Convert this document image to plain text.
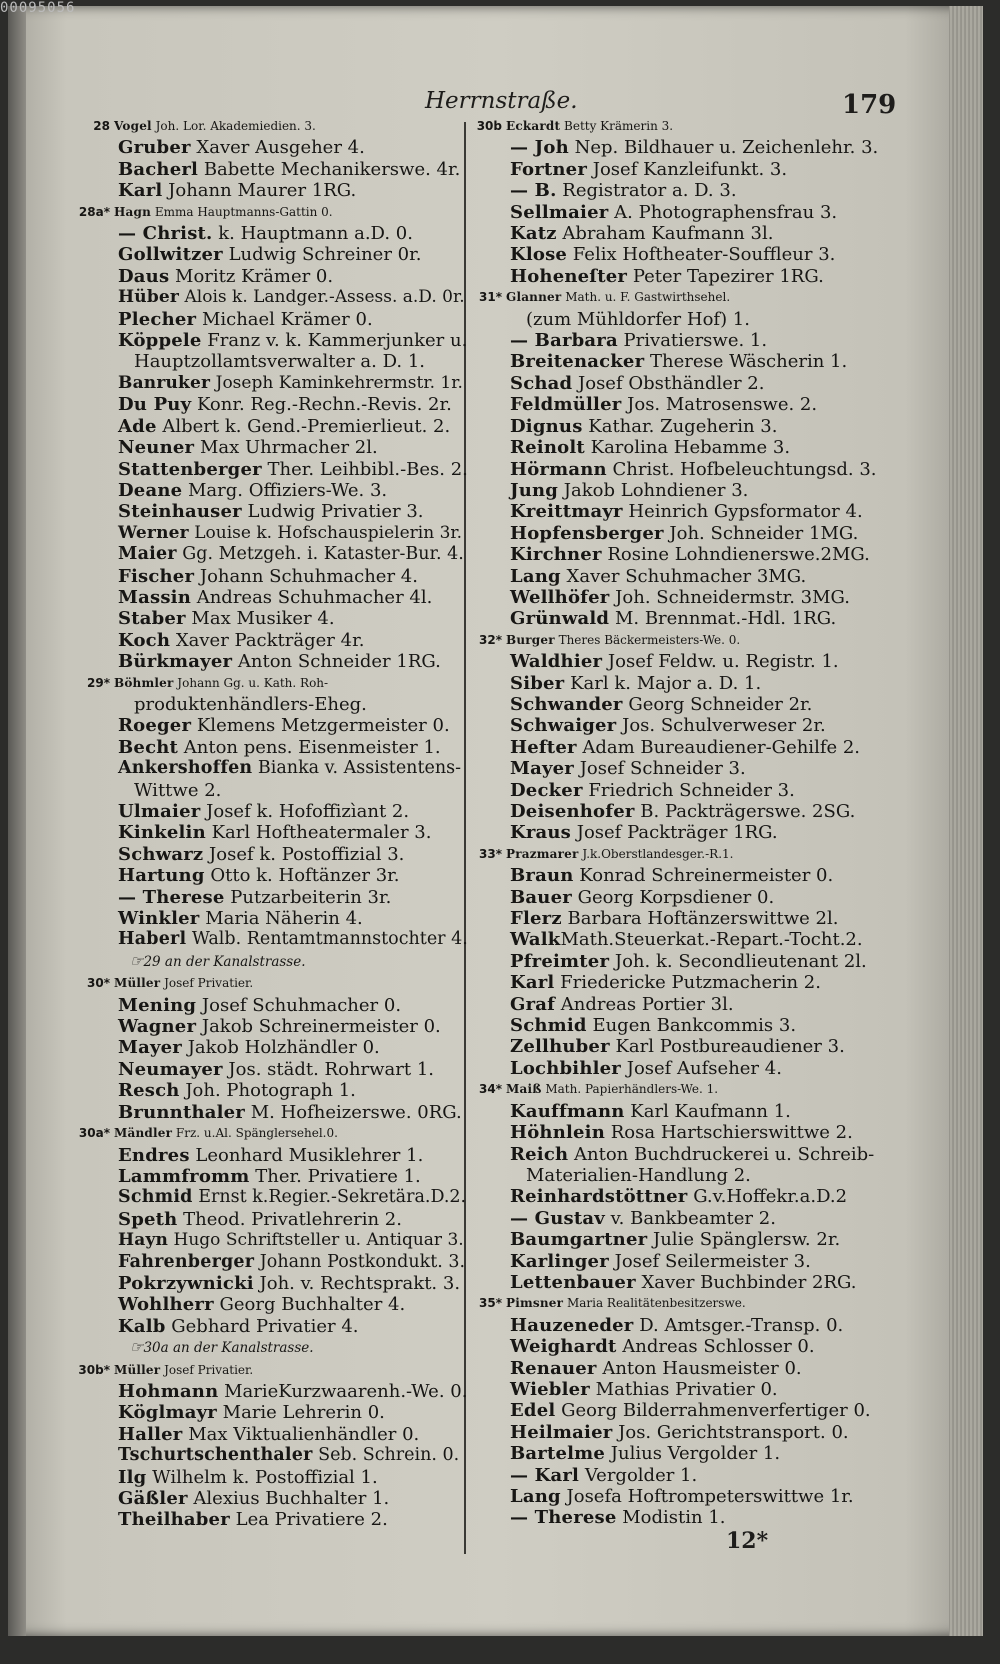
00095056
Herrnstraße.	179
28 Vogel Joh. Lor. Akademiedien. 3.
Gruber Xaver Ausgeher 4.
Bacherl Babette Mechanikerswe. 4r.
Karl Johann Maurer 1RG.
28a* Hagn Emma Hauptmanns-Gattin 0.
— Christ. k. Hauptmann a.D. 0.
Gollwitzer Ludwig Schreiner 0r.
Daus Moritz Krämer 0.
Hüber Alois k. Landger.-Assess. a.D. 0r.
Plecher Michael Krämer 0.
Köppele Franz v. k. Kammerjunker u.
Hauptzollamtsverwalter a. D. 1.
Banruker Joseph Kaminkehrermstr. 1r.
Du Puy Konr. Reg.-Rechn.-Revis. 2r.
Ade Albert k. Gend.-Premierlieut. 2.
Neuner Max Uhrmacher 2l.
Stattenberger Ther. Leihbibl.-Bes. 2.
Deane Marg. Offiziers-We. 3.
Steinhauser Ludwig Privatier 3.
Werner Louise k. Hofschauspielerin 3r.
Maier Gg. Metzgeh. i. Kataster-Bur. 4.
Fischer Johann Schuhmacher 4.
Massin Andreas Schuhmacher 4l.
Staber Max Musiker 4.
Koch Xaver Packträger 4r.
Bürkmayer Anton Schneider 1RG.
29* Böhmler Johann Gg. u. Kath. Roh-
produktenhändlers-Eheg.
Roeger Klemens Metzgermeister 0.
Becht Anton pens. Eisenmeister 1.
Ankershoffen Bianka v. Assistentens-
Wittwe 2.
Ulmaier Josef k. Hofoffizìant 2.
Kinkelin Karl Hoftheatermaler 3.
Schwarz Josef k. Postoffizial 3.
Hartung Otto k. Hoftänzer 3r.
— Therese Putzarbeiterin 3r.
Winkler Maria Näherin 4.
Haberl Walb. Rentamtmannstochter 4.
☞29 an der Kanalstrasse.
30* Müller Josef Privatier.
Mening Josef Schuhmacher 0.
Wagner Jakob Schreinermeister 0.
Mayer Jakob Holzhändler 0.
Neumayer Jos. städt. Rohrwart 1.
Resch Joh. Photograph 1.
Brunnthaler M. Hofheizerswe. 0RG.
30a* Mändler Frz. u.Al. Spänglersehel.0.
Endres Leonhard Musiklehrer 1.
Lammfromm Ther. Privatiere 1.
Schmid Ernst k.Regier.-Sekretära.D.2.
Speth Theod. Privatlehrerin 2.
Hayn Hugo Schriftsteller u. Antiquar 3.
Fahrenberger Johann Postkondukt. 3.
Pokrzywnicki Joh. v. Rechtsprakt. 3.
Wohlherr Georg Buchhalter 4.
Kalb Gebhard Privatier 4.
☞30a an der Kanalstrasse.
30b* Müller Josef Privatier.
Hohmann MarieKurzwaarenh.-We. 0.
Köglmayr Marie Lehrerin 0.
Haller Max Viktualienhändler 0.
Tschurtschenthaler Seb. Schrein. 0.
Ilg Wilhelm k. Postoffizial 1.
Gäßler Alexius Buchhalter 1.
Theilhaber Lea Privatiere 2.
30b Eckardt Betty Krämerin 3.
— Joh Nep. Bildhauer u. Zeichenlehr. 3.
Fortner Josef Kanzleifunkt. 3.
— B. Registrator a. D. 3.
Sellmaier A. Photographensfrau 3.
Katz Abraham Kaufmann 3l.
Klose Felix Hoftheater-Souffleur 3.
Hoheneſter Peter Tapezirer 1RG.
31* Glanner Math. u. F. Gastwirthsehel.
(zum Mühldorfer Hof) 1.
— Barbara Privatierswe. 1.
Breitenacker Therese Wäscherin 1.
Schad Josef Obsthändler 2.
Feldmüller Jos. Matrosenswe. 2.
Dignus Kathar. Zugeherin 3.
Reinolt Karolina Hebamme 3.
Hörmann Christ. Hofbeleuchtungsd. 3.
Jung Jakob Lohndiener 3.
Kreittmayr Heinrich Gypsformator 4.
Hopfensberger Joh. Schneider 1MG.
Kirchner Rosine Lohndienerswe.2MG.
Lang Xaver Schuhmacher 3MG.
Wellhöfer Joh. Schneidermstr. 3MG.
Grünwald M. Brennmat.-Hdl. 1RG.
32* Burger Theres Bäckermeisters-We. 0.
Waldhier Josef Feldw. u. Registr. 1.
Siber Karl k. Major a. D. 1.
Schwander Georg Schneider 2r.
Schwaiger Jos. Schulverweser 2r.
Hefter Adam Bureaudiener-Gehilfe 2.
Mayer Josef Schneider 3.
Decker Friedrich Schneider 3.
Deisenhofer B. Packträgerswe. 2SG.
Kraus Josef Packträger 1RG.
33* Prazmarer J.k.Oberstlandesger.-R.1.
Braun Konrad Schreinermeister 0.
Bauer Georg Korpsdiener 0.
Flerz Barbara Hoftänzerswittwe 2l.
WalkMath.Steuerkat.-Repart.-Tocht.2.
Pfreimter Joh. k. Secondlieutenant 2l.
Karl Friedericke Putzmacherin 2.
Graf Andreas Portier 3l.
Schmid Eugen Bankcommis 3.
Zellhuber Karl Postbureaudiener 3.
Lochbihler Josef Aufseher 4.
34* Maiß Math. Papierhändlers-We. 1.
Kauffmann Karl Kaufmann 1.
Höhnlein Rosa Hartschierswittwe 2.
Reich Anton Buchdruckerei u. Schreib-
Materialien-Handlung 2.
Reinhardstöttner G.v.Hoffekr.a.D.2
— Gustav v. Bankbeamter 2.
Baumgartner Julie Spänglersw. 2r.
Karlinger Josef Seilermeister 3.
Lettenbauer Xaver Buchbinder 2RG.
35* Pimsner Maria Realitätenbesitzerswe.
Hauzeneder D. Amtsger.-Transp. 0.
Weighardt Andreas Schlosser 0.
Renauer Anton Hausmeister 0.
Wiebler Mathias Privatier 0.
Edel Georg Bilderrahmenverfertiger 0.
Heilmaier Jos. Gerichtstransport. 0.
Bartelme Julius Vergolder 1.
— Karl Vergolder 1.
Lang Josefa Hoftrompeterswittwe 1r.
— Therese Modistin 1.
12*
